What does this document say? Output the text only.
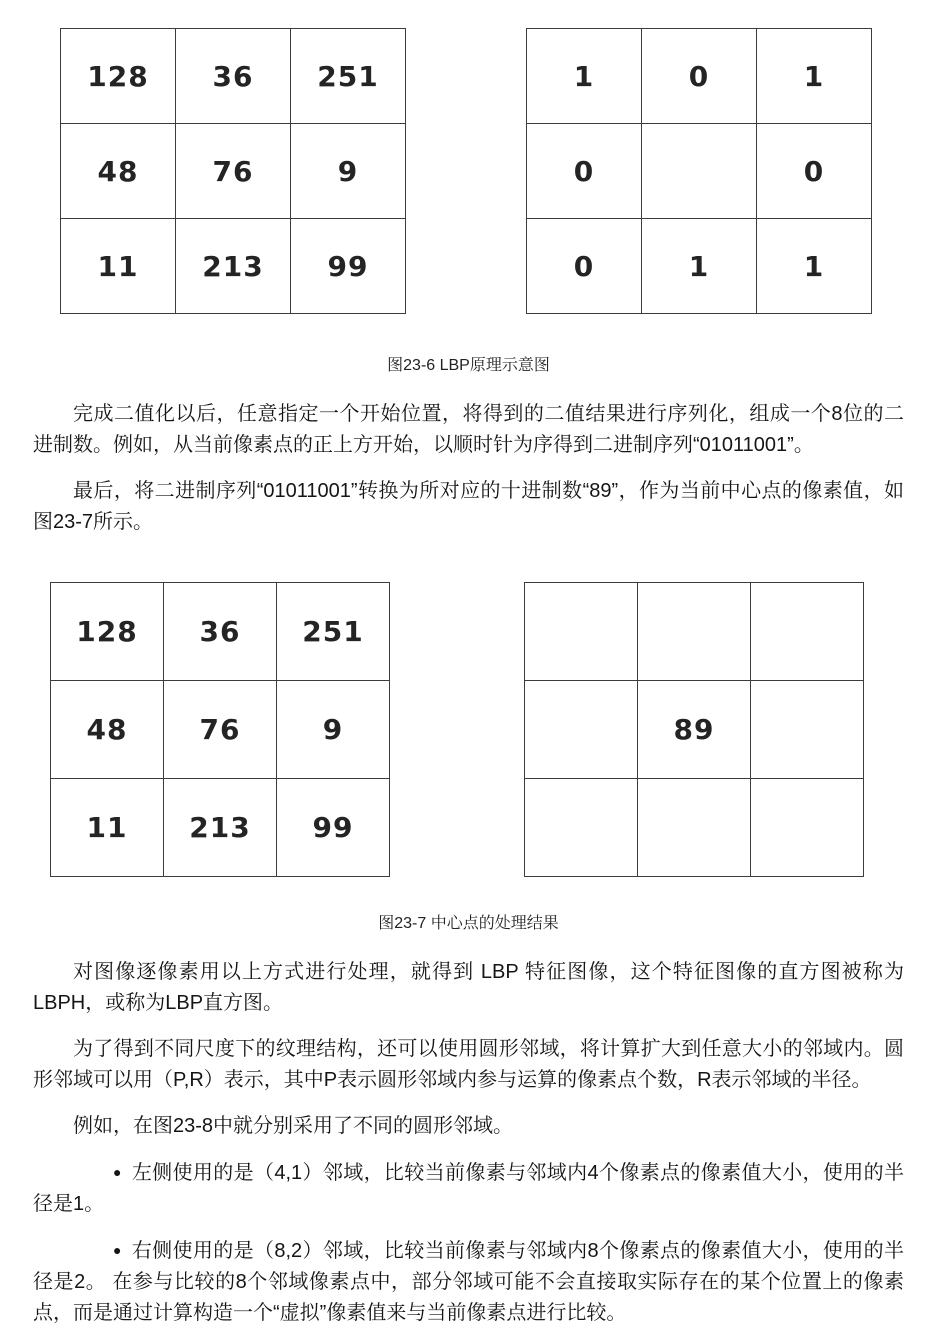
128	36	251
48	76	9
11	213	99
1	0	1
0		0
0	1	1
图23-6 LBP原理示意图

完成二值化以后，任意指定一个开始位置，将得到的二值结果进行序列化，组成一个8位的二进制数。例如，从当前像素点的正上方开始，以顺时针为序得到二进制序列“01011001”。

最后，将二进制序列“01011001”转换为所对应的十进制数“89”，作为当前中心点的像素值，如图23-7所示。

128	36	251
48	76	9
11	213	99

	89	

图23-7 中心点的处理结果

对图像逐像素用以上方式进行处理，就得到 LBP 特征图像，这个特征图像的直方图被称为LBPH，或称为LBP直方图。

为了得到不同尺度下的纹理结构，还可以使用圆形邻域，将计算扩大到任意大小的邻域内。圆形邻域可以用（P,R）表示，其中P表示圆形邻域内参与运算的像素点个数，R表示邻域的半径。

例如，在图23-8中就分别采用了不同的圆形邻域。

● 左侧使用的是（4,1）邻域，比较当前像素与邻域内4个像素点的像素值大小，使用的半径是1。

● 右侧使用的是（8,2）邻域，比较当前像素与邻域内8个像素点的像素值大小，使用的半径是2。 在参与比较的8个邻域像素点中，部分邻域可能不会直接取实际存在的某个位置上的像素点，而是通过计算构造一个“虚拟”像素值来与当前像素点进行比较。
